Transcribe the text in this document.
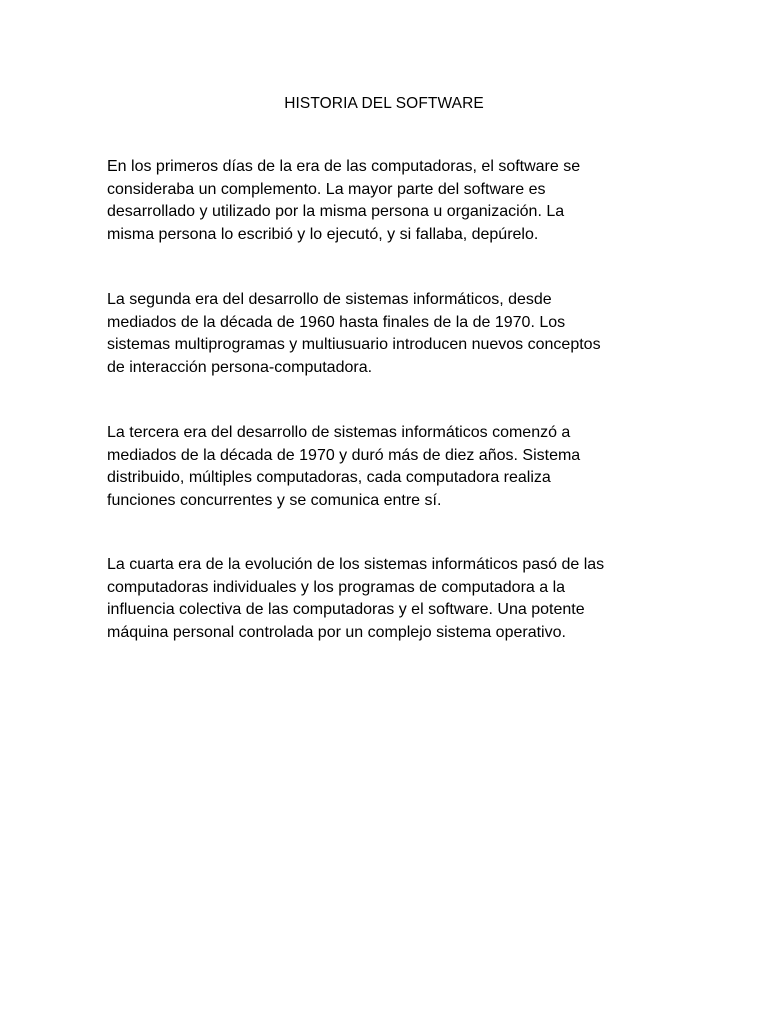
HISTORIA DEL SOFTWARE

En los primeros días de la era de las computadoras, el software se
consideraba un complemento. La mayor parte del software es
desarrollado y utilizado por la misma persona u organización. La
misma persona lo escribió y lo ejecutó, y si fallaba, depúrelo.

La segunda era del desarrollo de sistemas informáticos, desde
mediados de la década de 1960 hasta finales de la de 1970. Los
sistemas multiprogramas y multiusuario introducen nuevos conceptos
de interacción persona-computadora.

La tercera era del desarrollo de sistemas informáticos comenzó a
mediados de la década de 1970 y duró más de diez años. Sistema
distribuido, múltiples computadoras, cada computadora realiza
funciones concurrentes y se comunica entre sí.

La cuarta era de la evolución de los sistemas informáticos pasó de las
computadoras individuales y los programas de computadora a la
influencia colectiva de las computadoras y el software. Una potente
máquina personal controlada por un complejo sistema operativo.
